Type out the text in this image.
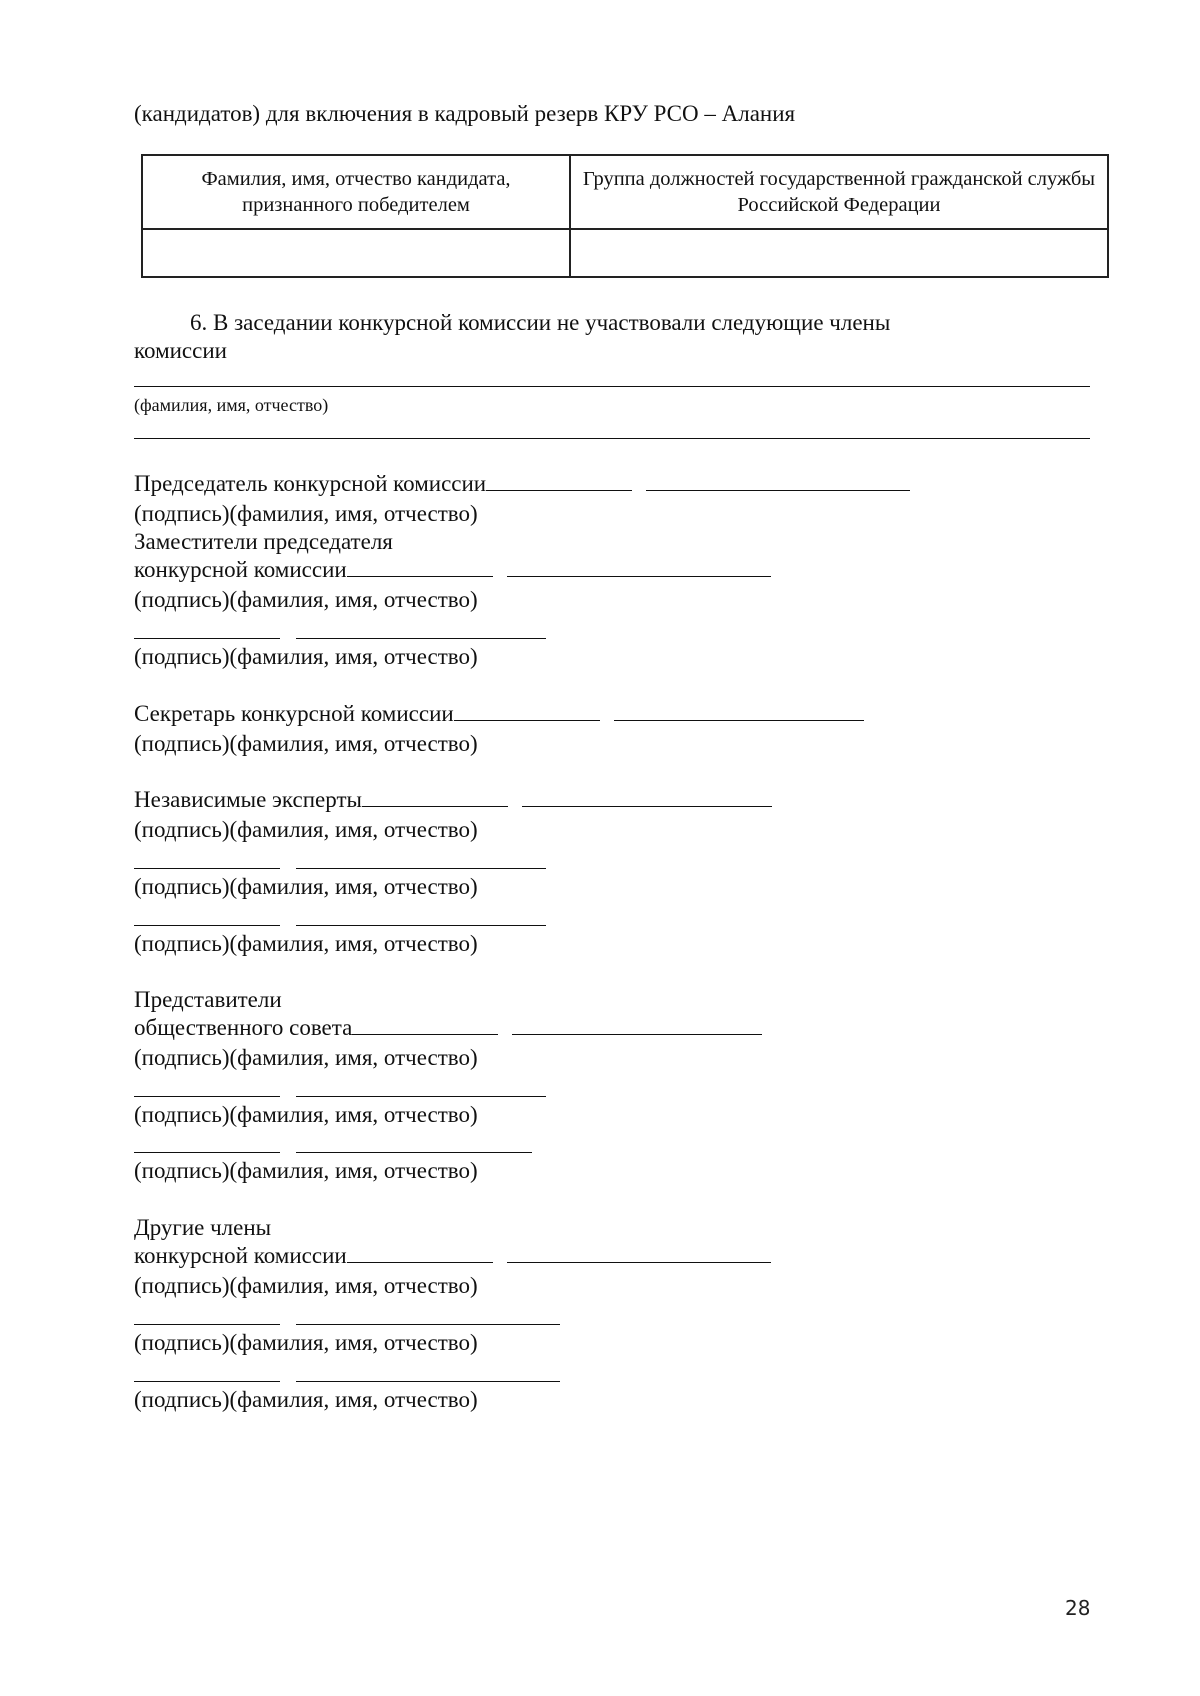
(кандидатов) для включения в кадровый резерв КРУ РСО – Алания
Фамилия, имя, отчество кандидата, признанного победителем	Группа должностей государственной гражданской службы Российской Федерации

6. В заседании конкурсной комиссии не участвовали следующие члены
комиссии
(фамилия, имя, отчество)
Председатель конкурсной комиссии
(подпись)(фамилия, имя, отчество)
Заместители председателя
конкурсной комиссии
(подпись)(фамилия, имя, отчество)
(подпись)(фамилия, имя, отчество)
Секретарь конкурсной комиссии
(подпись)(фамилия, имя, отчество)
Независимые эксперты
(подпись)(фамилия, имя, отчество)
(подпись)(фамилия, имя, отчество)
(подпись)(фамилия, имя, отчество)
Представители
общественного совета
(подпись)(фамилия, имя, отчество)
(подпись)(фамилия, имя, отчество)
(подпись)(фамилия, имя, отчество)
Другие члены
конкурсной комиссии
(подпись)(фамилия, имя, отчество)
(подпись)(фамилия, имя, отчество)
(подпись)(фамилия, имя, отчество)
28
